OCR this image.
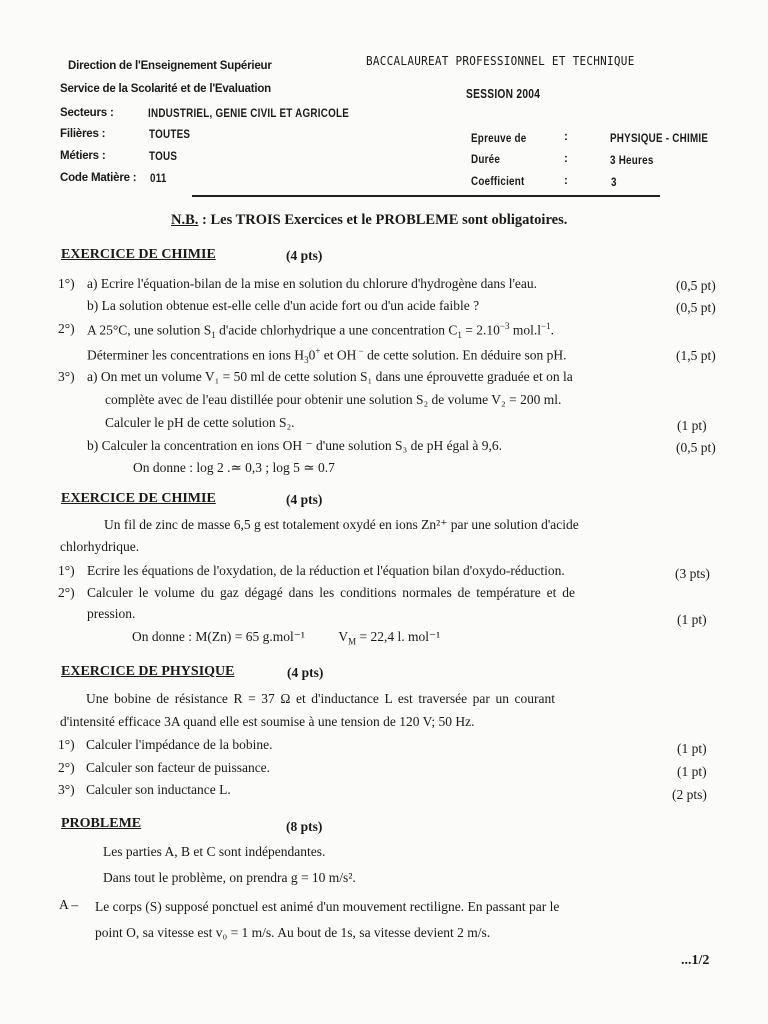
Direction de l'Enseignement Supérieur
Service de la Scolarité et de l'Evaluation
BACCALAUREAT PROFESSIONNEL ET TECHNIQUE
SESSION 2004
Secteurs :	INDUSTRIEL, GENIE CIVIL ET AGRICOLE
Filières :	TOUTES
Métiers :	TOUS
Code Matière : 011
Epreuve de	:	PHYSIQUE - CHIMIE
Durée	:	3 Heures
Coefficient	:	3
N.B. : Les TROIS Exercices et le PROBLEME sont obligatoires.
EXERCICE DE CHIMIE	(4 pts)
1°) a) Ecrire l'équation-bilan de la mise en solution du chlorure d'hydrogène dans l'eau.	(0,5 pt)
b) La solution obtenue est-elle celle d'un acide fort ou d'un acide faible ?	(0,5 pt)
2°) A 25°C, une solution $S_1$ d'acide chlorhydrique a une concentration $C_1 = 2.10^{-3}$ $mol.l^{-1}$.
Déterminer les concentrations en ions $H_30^+$ et OH − de cette solution. En déduire son pH.	(1,5 pt)
3°) a) On met un volume V₁ = 50 ml de cette solution S₁ dans une éprouvette graduée et on la
complète avec de l'eau distillée pour obtenir une solution S₂ de volume V₂ = 200 ml.
Calculer le pH de cette solution S₂.	(1 pt)
b) Calculer la concentration en ions OH ⁻ d'une solution S₃ de pH égal à 9,6.	(0,5 pt)
On donne : log 2 .≃ 0,3 ; log 5 ≃ 0.7
EXERCICE DE CHIMIE	(4 pts)
Un fil de zinc de masse 6,5 g est totalement oxydé en ions Zn²⁺ par une solution d'acide
chlorhydrique.
1°) Ecrire les équations de l'oxydation, de la réduction et l'équation bilan d'oxydo-réduction.	(3 pts)
2°) Calculer le volume du gaz dégagé dans les conditions normales de température et de
pression.	(1 pt)
On donne : M(Zn) = 65 g.mol⁻¹          $V_M = 22,4$ l. mol⁻¹
EXERCICE DE PHYSIQUE	(4 pts)
Une bobine de résistance R = 37 Ω et d'inductance L est traversée par un courant
d'intensité efficace 3A quand elle est soumise à une tension de 120 V; 50 Hz.
1°) Calculer l'impédance de la bobine.	(1 pt)
2°) Calculer son facteur de puissance.	(1 pt)
3°) Calculer son inductance L.	(2 pts)
PROBLEME	(8 pts)
Les parties A, B et C sont indépendantes.
Dans tout le problème, on prendra g = 10 m/s².
A – Le corps (S) supposé ponctuel est animé d'un mouvement rectiligne. En passant par le
point O, sa vitesse est v₀ = 1 m/s. Au bout de 1s, sa vitesse devient 2 m/s.
...1/2
